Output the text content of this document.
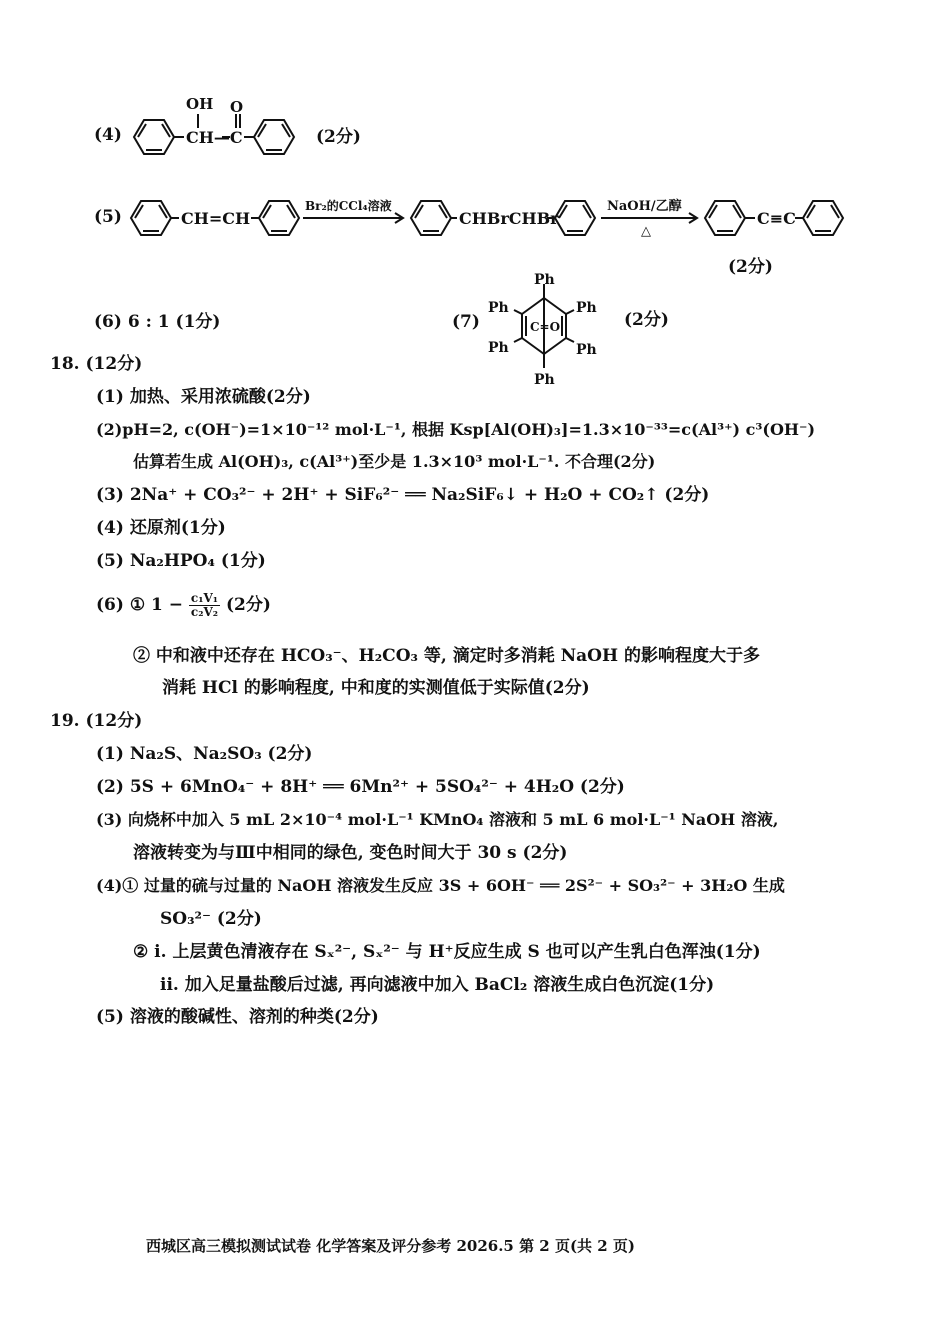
(4)
OH O
CH—C	(2分)
(5)	CH=CH
Br₂的CCl₄溶液
CHBrCHBr
NaOH/乙醇
△
C≡C
(2分)
(6) 6 : 1 (1分)	(7)
Ph
Ph	Ph
Ph	Ph
Ph
C=O	(2分)
18. (12分)
(1) 加热、采用浓硫酸(2分)
(2)pH=2, c(OH⁻)=1×10⁻¹² mol·L⁻¹, 根据 Ksp[Al(OH)₃]=1.3×10⁻³³=c(Al³⁺) c³(OH⁻)
估算若生成 Al(OH)₃, c(Al³⁺)至少是 1.3×10³ mol·L⁻¹. 不合理(2分)
(3) 2Na⁺ + CO₃²⁻ + 2H⁺ + SiF₆²⁻ ══ Na₂SiF₆↓ + H₂O + CO₂↑ (2分)
(4) 还原剂(1分)
(5) Na₂HPO₄ (1分)
(6) ① $1 - \frac{\text{c₁V₁}}{\text{c₂V₂}} (2$分)
② 中和液中还存在 HCO₃⁻、H₂CO₃ 等, 滴定时多消耗 NaOH 的影响程度大于多
消耗 HCl 的影响程度, 中和度的实测值低于实际值(2分)
19. (12分)
(1) Na₂S、Na₂SO₃ (2分)
(2) 5S + 6MnO₄⁻ + 8H⁺ ══ 6Mn²⁺ + 5SO₄²⁻ + 4H₂O (2分)
(3) 向烧杯中加入 5 mL 2×10⁻⁴ mol·L⁻¹ KMnO₄ 溶液和 5 mL 6 mol·L⁻¹ NaOH 溶液,
溶液转变为与Ⅲ中相同的绿色, 变色时间大于 30 s (2分)
(4)① 过量的硫与过量的 NaOH 溶液发生反应 3S + 6OH⁻ ══ 2S²⁻ + SO₃²⁻ + 3H₂O 生成
SO₃²⁻ (2分)
② i. 上层黄色清液存在 Sₓ²⁻, Sₓ²⁻ 与 H⁺反应生成 S 也可以产生乳白色浑浊(1分)
ii. 加入足量盐酸后过滤, 再向滤液中加入 BaCl₂ 溶液生成白色沉淀(1分)
(5) 溶液的酸碱性、溶剂的种类(2分)
西城区高三模拟测试试卷 化学答案及评分参考 2026.5 第 2 页(共 2 页)
